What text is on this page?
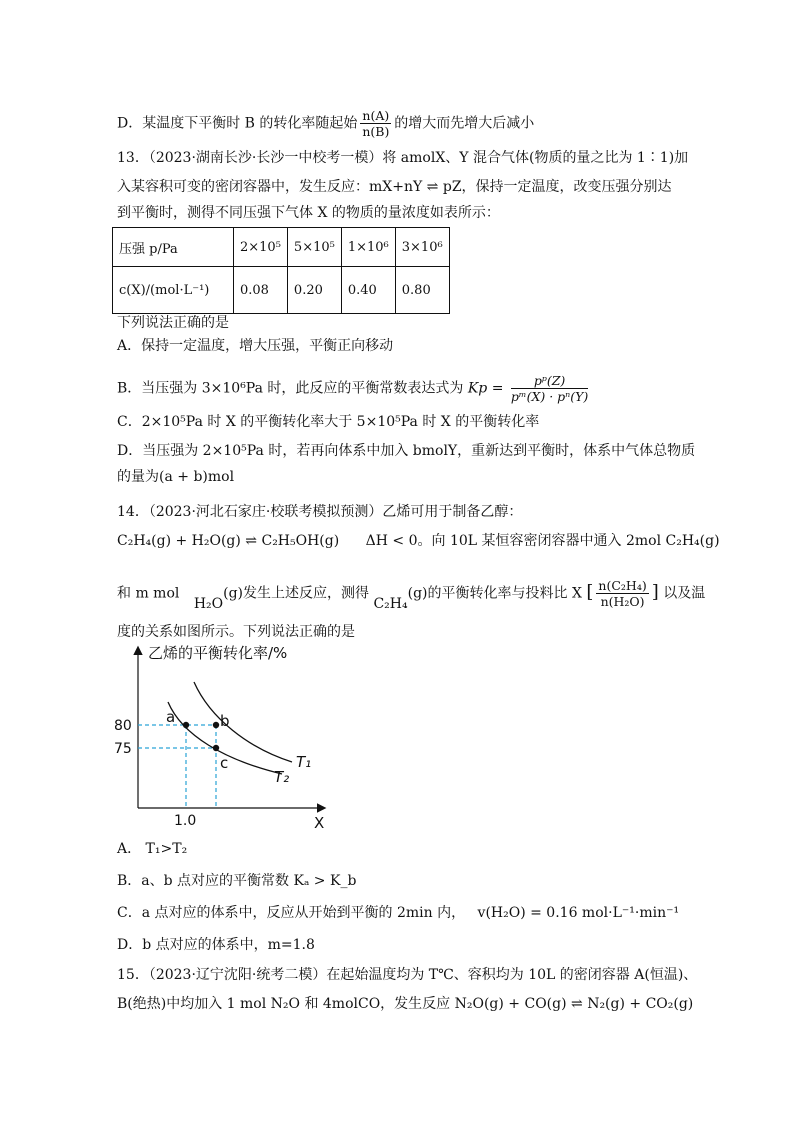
D．某温度下平衡时 B 的转化率随起始 $\frac{n(A)}{n(B)}$ 的增大而先增大后减小
13．（2023·湖南长沙·长沙一中校考一模）将 amolX、Y 混合气体(物质的量之比为 1∶1)加
入某容积可变的密闭容器中，发生反应：mX+nY ⇌ pZ，保持一定温度，改变压强分别达
到平衡时，测得不同压强下气体 X 的物质的量浓度如表所示：
压强 p/Pa	2×10⁵	5×10⁵	1×10⁶	3×10⁶
c(X)/(mol·L⁻¹)	0.08	0.20	0.40	0.80
下列说法正确的是
A．保持一定温度，增大压强，平衡正向移动
B．当压强为 3×10⁶Pa 时，此反应的平衡常数表达式为 $Kp = \frac{\text{pᵖ(Z)}}{\text{pᵐ(X) · pⁿ(Y)}}$
C．2×10⁵Pa 时 X 的平衡转化率大于 5×10⁵Pa 时 X 的平衡转化率
D．当压强为 2×10⁵Pa 时，若再向体系中加入 bmolY，重新达到平衡时，体系中气体总物质
的量为(a + b)mol
14．（2023·河北石家庄·校联考模拟预测）乙烯可用于制备乙醇：
C₂H₄(g) + H₂O(g) ⇌ C₂H₅OH(g) ΔH < 0。向 10L 某恒容密闭容器中通入 2mol C₂H₄(g)
和 m mol H₂O(g)发生上述反应，测得 C₂H₄(g)的平衡转化率与投料比 X [ $\frac{\text{n(C₂H₄)}}{\text{n(H₂O)}}$ ] 以及温
度的关系如图所示。下列说法正确的是
乙烯的平衡转化率/%
80
75
1.0	X
a	b
c	T₁
T₂
A． T₁>T₂
B．a、b 点对应的平衡常数 Kₐ > K_b
C．a 点对应的体系中，反应从开始到平衡的 2min 内， v(H₂O) = 0.16 mol·L⁻¹·min⁻¹
D．b 点对应的体系中，m=1.8
15．（2023·辽宁沈阳·统考二模）在起始温度均为 T℃、容积均为 10L 的密闭容器 A(恒温)、
B(绝热)中均加入 1 mol N₂O 和 4molCO，发生反应 N₂O(g) + CO(g) ⇌ N₂(g) + CO₂(g)
